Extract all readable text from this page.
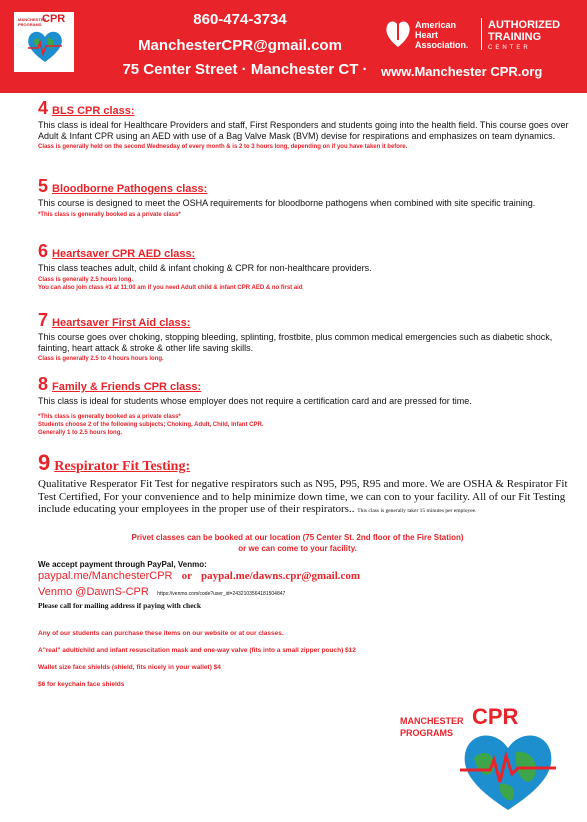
MANCHESTER
PROGRAMS CPR	860-474-3734
ManchesterCPR@gmail.com
75 Center Street · Manchester CT ·
American Heart Association.
AUTHORIZED TRAINING
CENTER
www.Manchester CPR.org
4 BLS CPR class:
This class is ideal for Healthcare Providers and staff, First Responders and students going into the health field. This course goes over Adult & Infant CPR using an AED with use of a Bag Valve Mask (BVM) devise for respirations and emphasizes on team dynamics.
Class is generally held on the second Wednesday of every month & is 2 to 3 hours long, depending on if you have taken it before.
5 Bloodborne Pathogens class:
This course is designed to meet the OSHA requirements for bloodborne pathogens when combined with site specific training.
*This class is generally booked as a private class*
6 Heartsaver CPR AED class:
This class teaches adult, child & infant choking & CPR for non-healthcare providers.
Class is generally 2.5 hours long.
You can also join class #1 at 11:00 am if you need Adult child & infant CPR AED & no first aid
7 Heartsaver First Aid class:
This course goes over choking, stopping bleeding, splinting, frostbite, plus common medical emergencies such as diabetic shock, fainting, heart attack & stroke & other life saving skills.
Class is generally 2.5 to 4 hours hours long.
8 Family & Friends CPR class:
This class is ideal for students whose employer does not require a certification card and are pressed for time.
*This class is generally booked as a private class*
Students choose 2 of the following subjects; Choking, Adult, Child, Infant CPR.
Generally 1 to 2.5 hours long.
9 Respirator Fit Testing:
Qualitative Resperator Fit Test for negative respirators such as N95, P95, R95 and more. We are OSHA & Respirator Fit Test Certified, For your convenience and to help minimize down time, we can con to your facility. All of our Fit Testing include educating your employees in the proper use of their respirators.. This class is generally taker 15 minutes per employee.
Privet classes can be booked at our location (75 Center St. 2nd floor of the Fire Station)
or we can come to your facility.
We accept payment through PayPal, Venmo:
paypal.me/ManchesterCPR or paypal.me/dawns.cpr@gmail.com
Venmo @DawnS-CPR https://venmo.com/code?user_id=2432103564181504847
Please call for mailing address if paying with check
Any of our students can purchase these items on our website or at our classes.
A"real" adult/child and infant resuscitation mask and one-way valve (fits into a small zipper pouch) $12
Wallet size face shields (shield, fits nicely in your wallet) $4
$6 for keychain face shields
MANCHESTER CPR
PROGRAMS
